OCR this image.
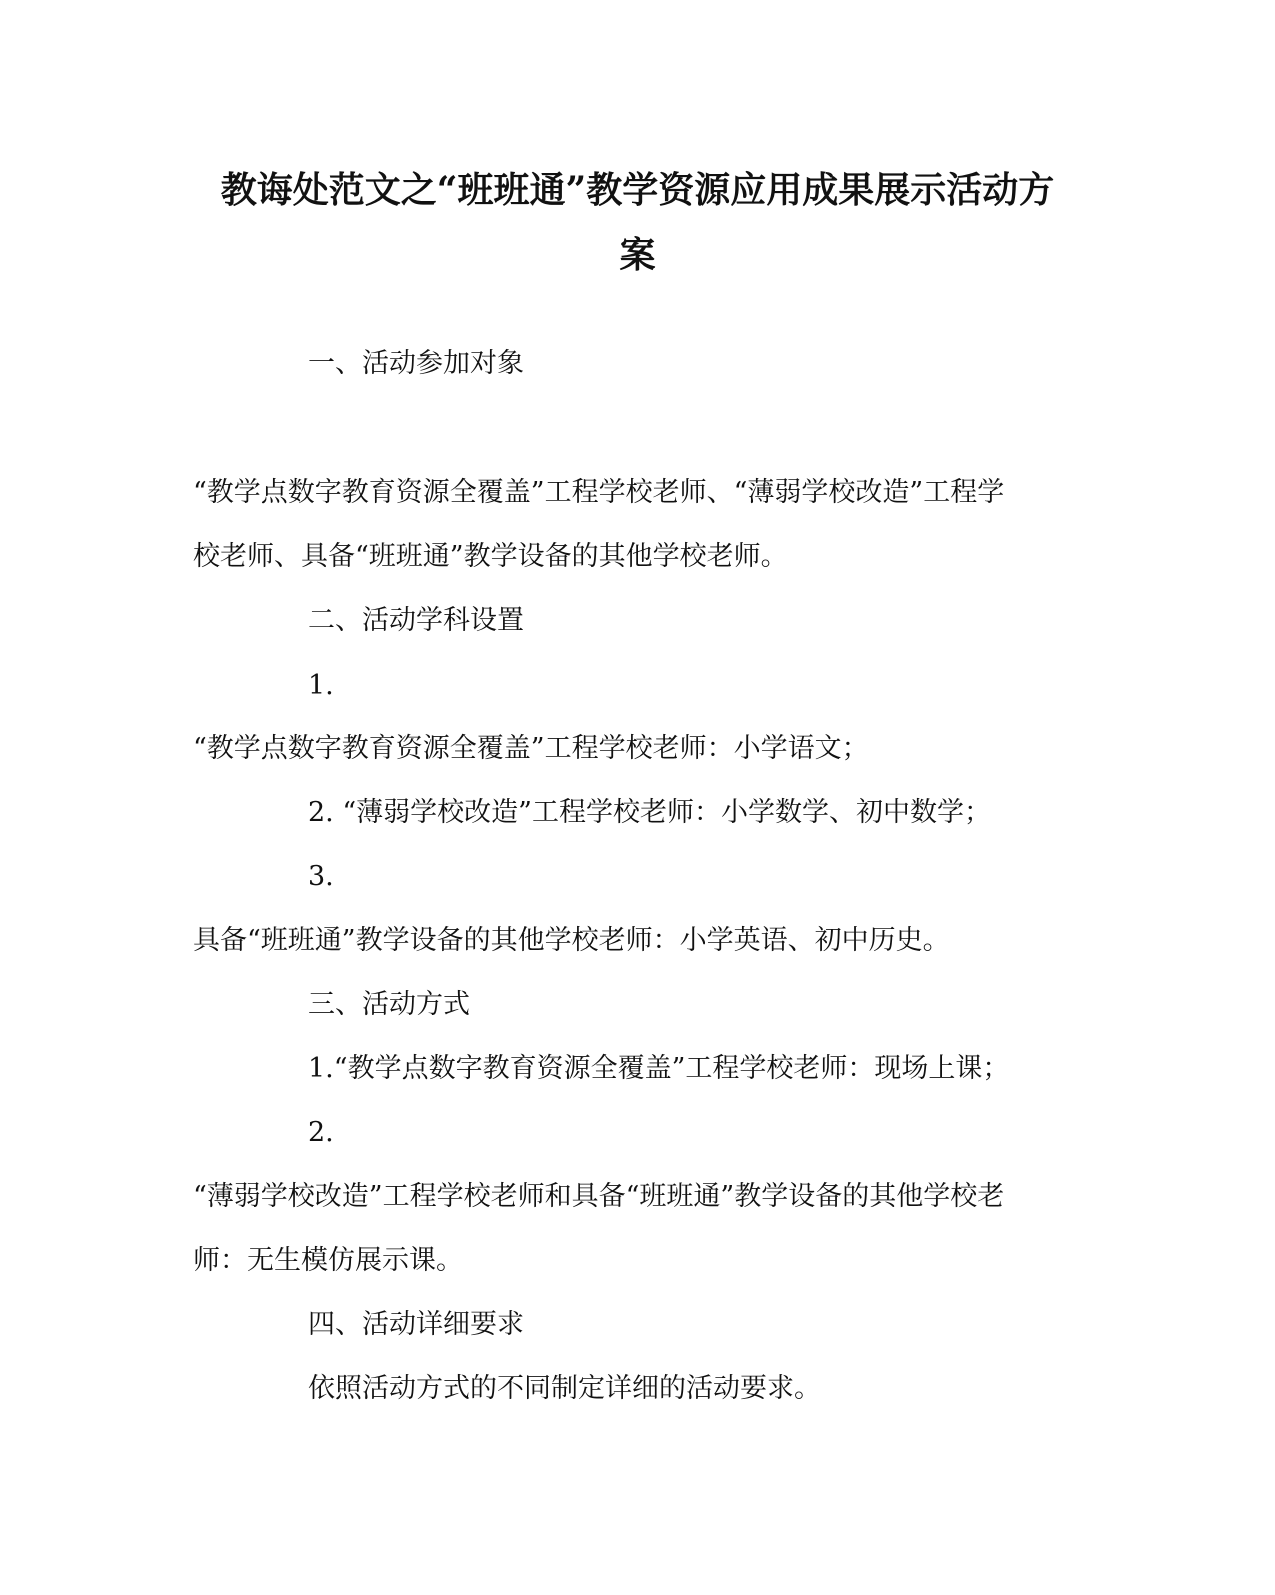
教诲处范文之“班班通”教学资源应用成果展示活动方
案
一、活动参加对象
“教学点数字教育资源全覆盖”工程学校老师、“薄弱学校改造”工程学
校老师、具备“班班通”教学设备的其他学校老师。
二、活动学科设置
1.
“教学点数字教育资源全覆盖”工程学校老师：小学语文；
2. “薄弱学校改造”工程学校老师：小学数学、初中数学；
3.
具备“班班通”教学设备的其他学校老师：小学英语、初中历史。
三、活动方式
1.“教学点数字教育资源全覆盖”工程学校老师：现场上课；
2.
“薄弱学校改造”工程学校老师和具备“班班通”教学设备的其他学校老
师：无生模仿展示课。
四、活动详细要求
依照活动方式的不同制定详细的活动要求。
